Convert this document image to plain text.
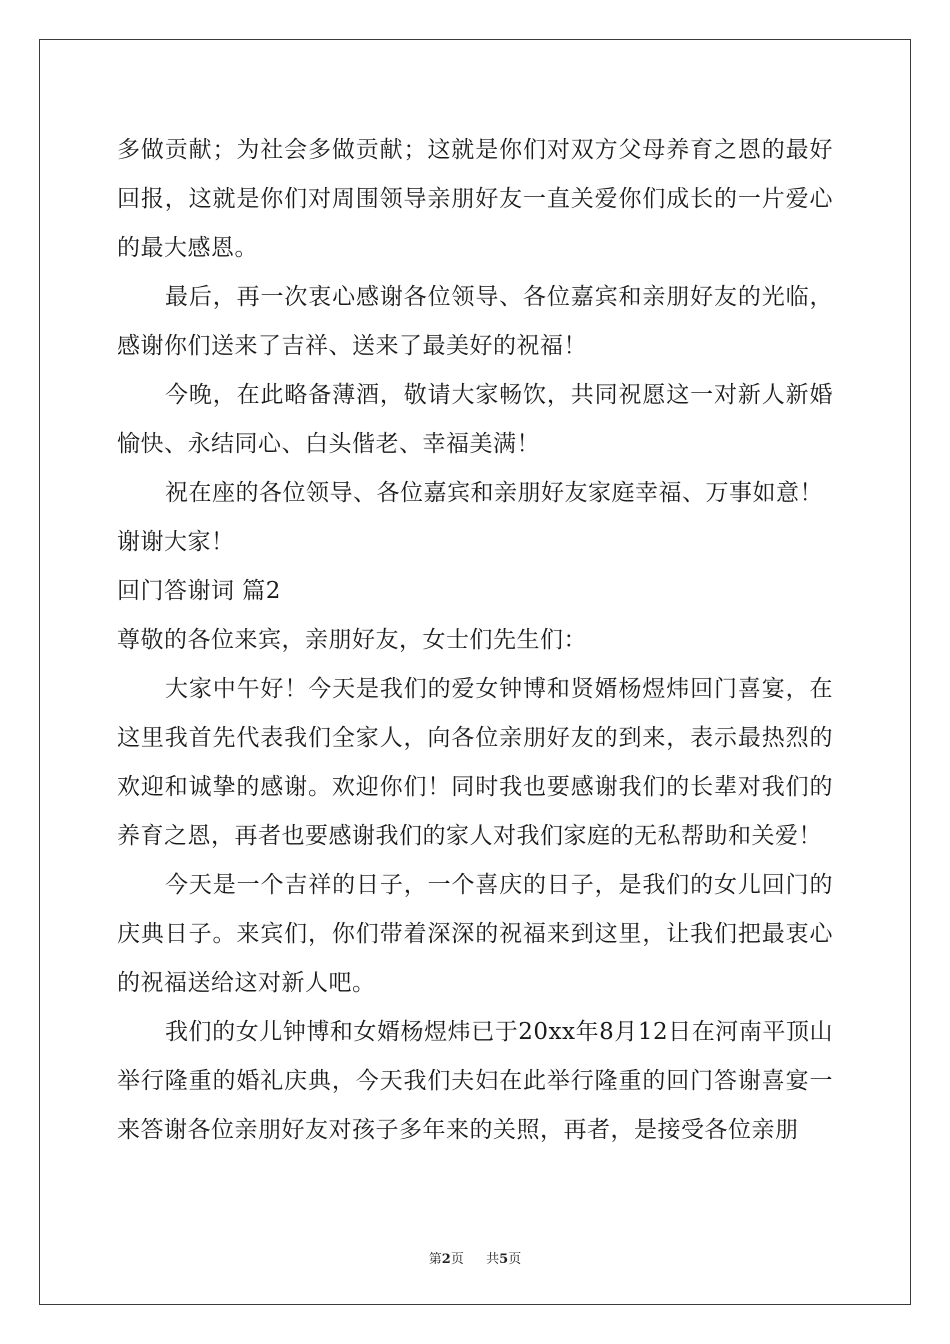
多做贡献；为社会多做贡献；这就是你们对双方父母养育之恩的最好回报，这就是你们对周围领导亲朋好友一直关爱你们成长的一片爱心的最大感恩。

最后，再一次衷心感谢各位领导、各位嘉宾和亲朋好友的光临，感谢你们送来了吉祥、送来了最美好的祝福！

今晚，在此略备薄酒，敬请大家畅饮，共同祝愿这一对新人新婚愉快、永结同心、白头偕老、幸福美满！

祝在座的各位领导、各位嘉宾和亲朋好友家庭幸福、万事如意！

谢谢大家！

回门答谢词 篇2

尊敬的各位来宾，亲朋好友，女士们先生们：

大家中午好！今天是我们的爱女钟博和贤婿杨煜炜回门喜宴，在这里我首先代表我们全家人，向各位亲朋好友的到来，表示最热烈的欢迎和诚挚的感谢。欢迎你们！同时我也要感谢我们的长辈对我们的养育之恩，再者也要感谢我们的家人对我们家庭的无私帮助和关爱！

今天是一个吉祥的日子，一个喜庆的日子，是我们的女儿回门的庆典日子。来宾们，你们带着深深的祝福来到这里，让我们把最衷心的祝福送给这对新人吧。

我们的女儿钟博和女婿杨煜炜已于20xx年8月12日在河南平顶山举行隆重的婚礼庆典，今天我们夫妇在此举行隆重的回门答谢喜宴一来答谢各位亲朋好友对孩子多年来的关照，再者，是接受各位亲朋

第2页 共5页
